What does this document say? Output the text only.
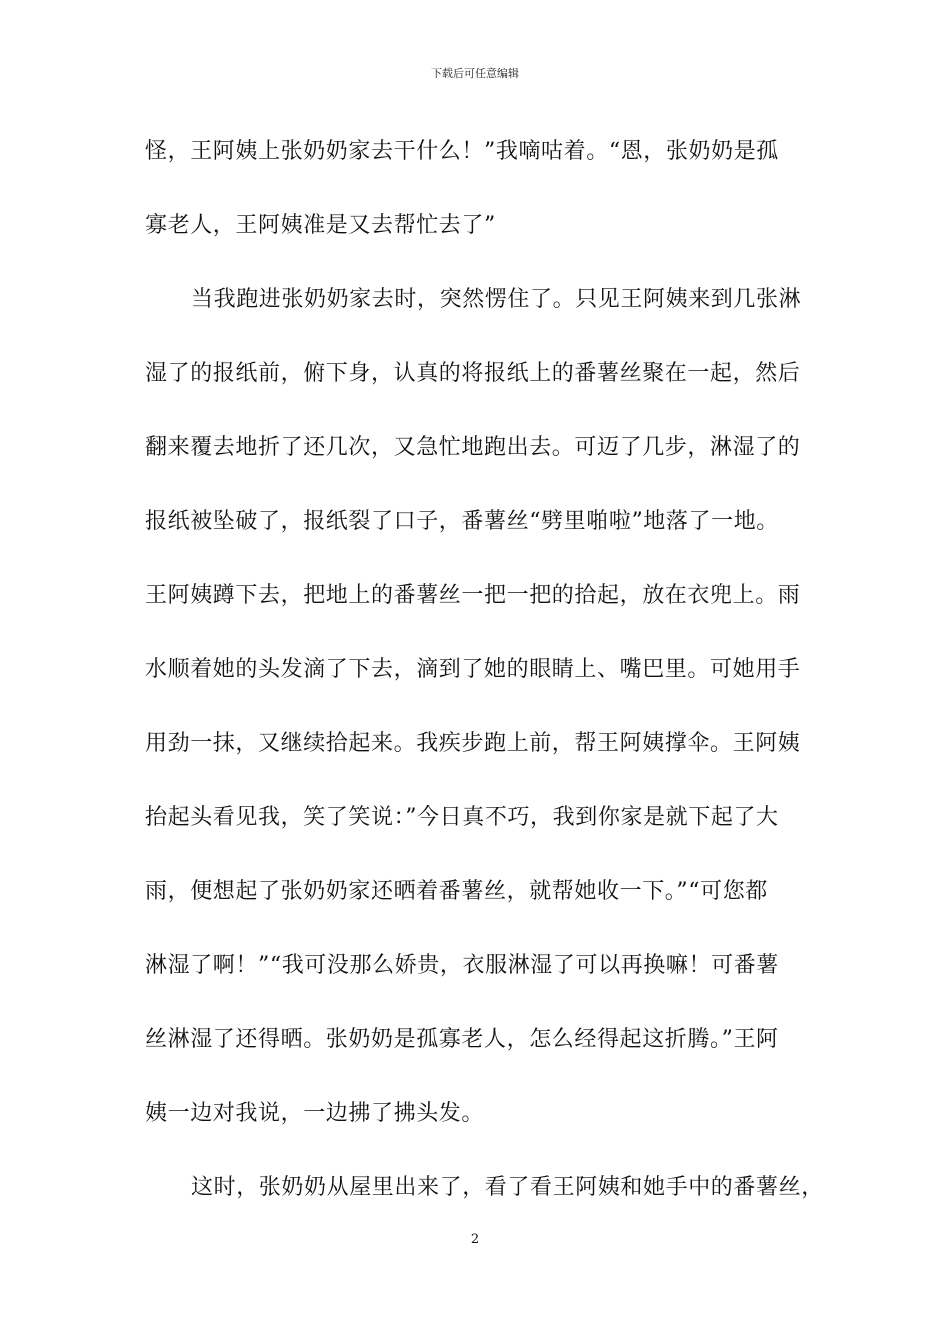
下载后可任意编辑
怪，王阿姨上张奶奶家去干什么！”我嘀咕着。“恩，张奶奶是孤
寡老人，王阿姨准是又去帮忙去了”
当我跑进张奶奶家去时，突然愣住了。只见王阿姨来到几张淋
湿了的报纸前，俯下身，认真的将报纸上的番薯丝聚在一起，然后
翻来覆去地折了还几次，又急忙地跑出去。可迈了几步，淋湿了的
报纸被坠破了，报纸裂了口子，番薯丝“劈里啪啦”地落了一地。
王阿姨蹲下去，把地上的番薯丝一把一把的拾起，放在衣兜上。雨
水顺着她的头发滴了下去，滴到了她的眼睛上、嘴巴里。可她用手
用劲一抹，又继续拾起来。我疾步跑上前，帮王阿姨撑伞。王阿姨
抬起头看见我，笑了笑说：”今日真不巧，我到你家是就下起了大
雨，便想起了张奶奶家还晒着番薯丝，就帮她收一下。”“可您都
淋湿了啊！”“我可没那么娇贵，衣服淋湿了可以再换嘛！可番薯
丝淋湿了还得晒。张奶奶是孤寡老人，怎么经得起这折腾。”王阿
姨一边对我说，一边拂了拂头发。
这时，张奶奶从屋里出来了，看了看王阿姨和她手中的番薯丝，
2
